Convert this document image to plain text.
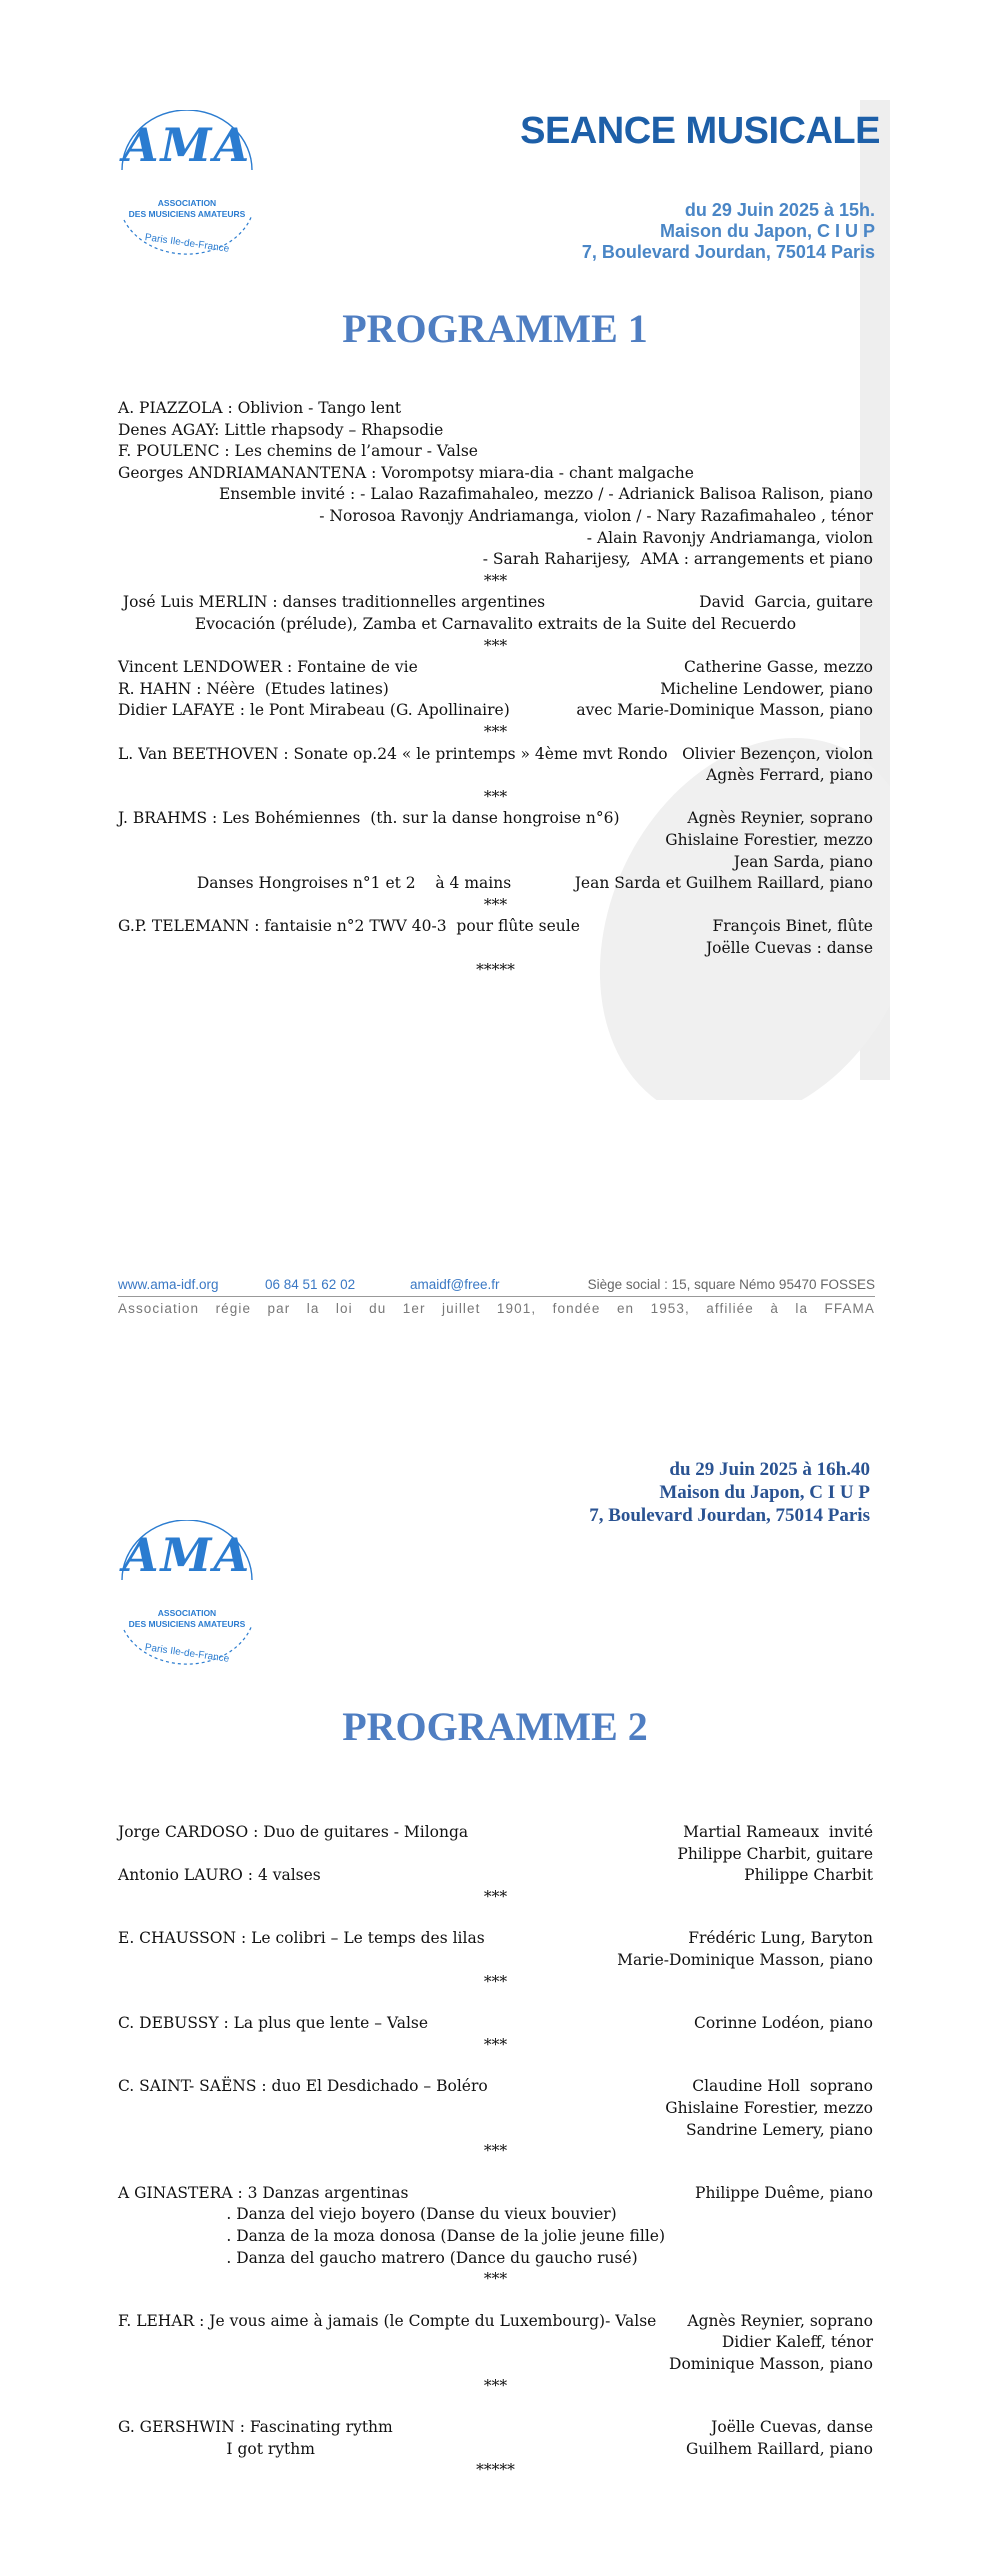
AMA
ASSOCIATION
DES MUSICIENS AMATEURS
Paris Ile-de-France
SEANCE MUSICALE
du 29 Juin 2025 à 15h.
Maison du Japon, C I U P
7, Boulevard Jourdan, 75014 Paris
PROGRAMME 1
A. PIAZZOLA : Oblivion - Tango lent
Denes AGAY: Little rhapsody – Rhapsodie
F. POULENC : Les chemins de l’amour - Valse
Georges ANDRIAMANANTENA : Vorompotsy miara-dia - chant malgache
Ensemble invité : - Lalao Razafimahaleo, mezzo / - Adrianick Balisoa Ralison, piano
- Norosoa Ravonjy Andriamanga, violon / - Nary Razafimahaleo , ténor
- Alain Ravonjy Andriamanga, violon
- Sarah Raharijesy,  AMA : arrangements et piano
***
José Luis MERLIN : danses traditionnelles argentines	David  Garcia, guitare
Evocación (prélude), Zamba et Carnavalito extraits de la Suite del Recuerdo
***
Vincent LENDOWER : Fontaine de vie	Catherine Gasse, mezzo
R. HAHN : Néère  (Etudes latines)	Micheline Lendower, piano
Didier LAFAYE : le Pont Mirabeau (G. Apollinaire)	avec Marie-Dominique Masson, piano
***
L. Van BEETHOVEN : Sonate op.24 « le printemps » 4ème mvt Rondo Olivier Bezençon, violon
Agnès Ferrard, piano
***
J. BRAHMS : Les Bohémiennes  (th. sur la danse hongroise n°6)	Agnès Reynier, soprano
Ghislaine Forestier, mezzo
Jean Sarda, piano
Danses Hongroises n°1 et 2    à 4 mains	Jean Sarda et Guilhem Raillard, piano
***
G.P. TELEMANN : fantaisie n°2 TWV 40-3  pour flûte seule	François Binet, flûte
Joëlle Cuevas : danse
*****
www.ama-idf.org	06 84 51 62 02	amaidf@free.fr	Siège social : 15, square Némo 95470 FOSSES
Association régie par la loi du 1er juillet 1901, fondée en 1953, affiliée à la FFAMA
du 29 Juin 2025 à 16h.40
Maison du Japon, C I U P
7, Boulevard Jourdan, 75014 Paris
AMA
ASSOCIATION
DES MUSICIENS AMATEURS
Paris Ile-de-France
PROGRAMME 2
Jorge CARDOSO : Duo de guitares - Milonga	Martial Rameaux  invité
Philippe Charbit, guitare
Antonio LAURO : 4 valses	Philippe Charbit
***
E. CHAUSSON : Le colibri – Le temps des lilas	Frédéric Lung, Baryton
Marie-Dominique Masson, piano
***
C. DEBUSSY : La plus que lente – Valse	Corinne Lodéon, piano
***
C. SAINT- SAËNS : duo El Desdichado – Boléro	Claudine Holl  soprano
Ghislaine Forestier, mezzo
Sandrine Lemery, piano
***
A GINASTERA : 3 Danzas argentinas	Philippe Duême, piano
. Danza del viejo boyero (Danse du vieux bouvier)
. Danza de la moza donosa (Danse de la jolie jeune fille)
. Danza del gaucho matrero (Dance du gaucho rusé)
***
F. LEHAR : Je vous aime à jamais (le Compte du Luxembourg)- Valse Agnès Reynier, soprano
Didier Kaleff, ténor
Dominique Masson, piano
***
G. GERSHWIN : Fascinating rythm	Joëlle Cuevas, danse
I got rythm	Guilhem Raillard, piano
*****
